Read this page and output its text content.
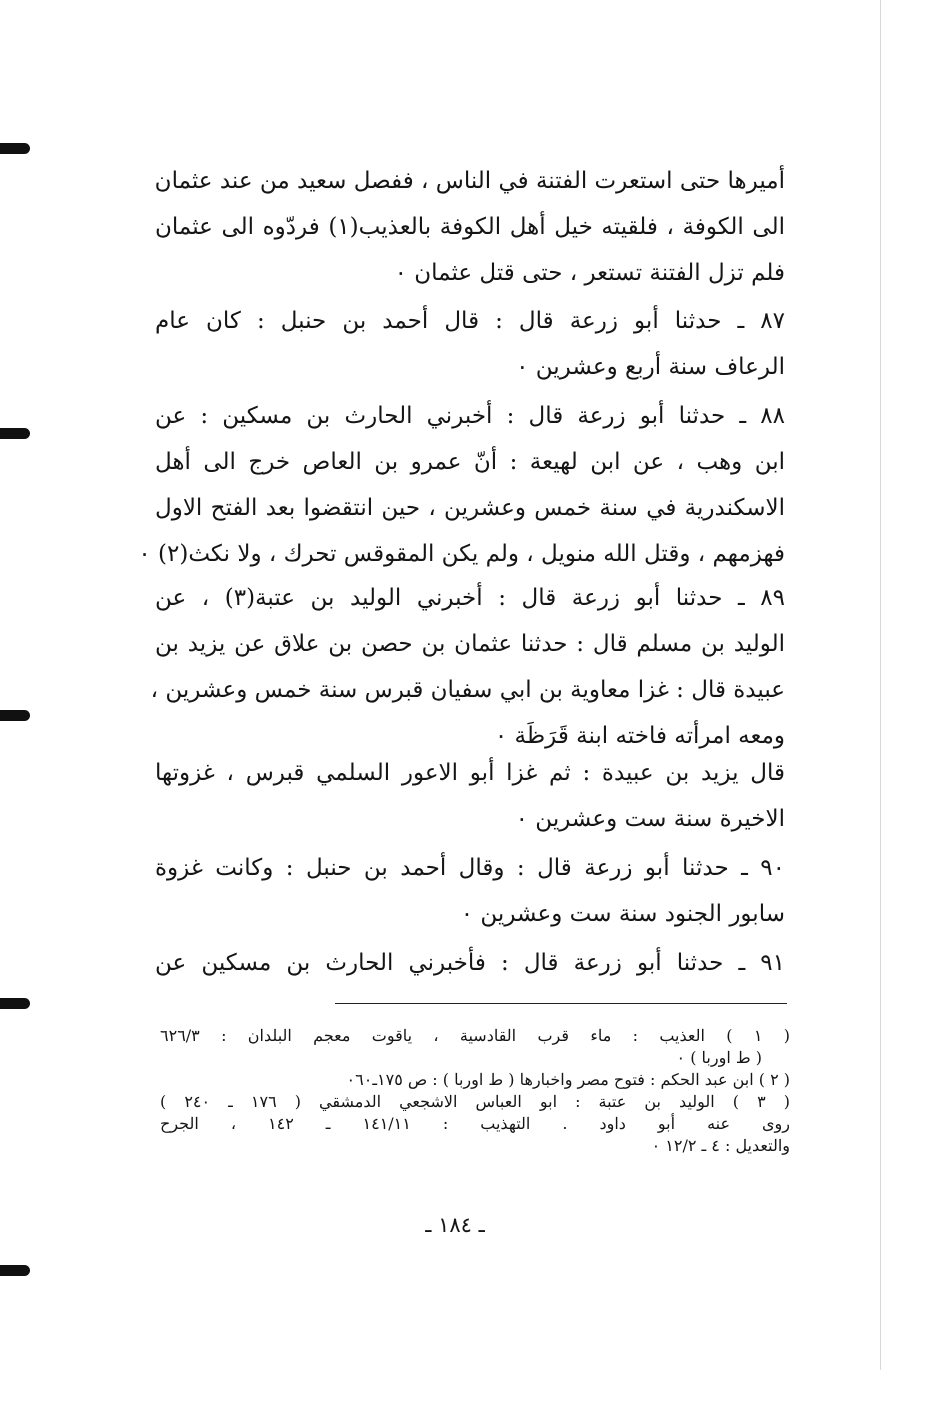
أميرها حتى استعرت الفتنة في الناس ، ففصل سعيد من عند عثمان
الى الكوفة ، فلقيته خيل أهل الكوفة بالعذيب(١) فردّوه الى عثمان
فلم تزل الفتنة تستعر ، حتى قتل عثمان ٠
٨٧ ـ حدثنا أبو زرعة قال : قال أحمد بن حنبل : كان عام
الرعاف سنة أربع وعشرين ٠
٨٨ ـ حدثنا أبو زرعة قال : أخبرني الحارث بن مسكين : عن
ابن وهب ، عن ابن لهيعة : أنّ عمرو بن العاص خرج الى أهل
الاسكندرية في سنة خمس وعشرين ، حين انتقضوا بعد الفتح الاول
فهزمهم ، وقتل الله منويل ، ولم يكن المقوقس تحرك ، ولا نكث(٢) ٠
٨٩ ـ حدثنا أبو زرعة قال : أخبرني الوليد بن عتبة(٣) ، عن
الوليد بن مسلم قال : حدثنا عثمان بن حصن بن علاق عن يزيد بن
عبيدة قال : غزا معاوية بن ابي سفيان قبرس سنة خمس وعشرين ،
ومعه امرأته فاخته ابنة قَرَظَة ٠
قال يزيد بن عبيدة : ثم غزا أبو الاعور السلمي قبرس ، غزوتها
الاخيرة سنة ست وعشرين ٠
٩٠ ـ حدثنا أبو زرعة قال : وقال أحمد بن حنبل : وكانت غزوة
سابور الجنود سنة ست وعشرين ٠
٩١ ـ حدثنا أبو زرعة قال : فأخبرني الحارث بن مسكين عن
( ١ ) العذيب : ماء قرب القادسية ، ياقوت معجم البلدان : ٦٢٦/٣
( ط اوربا ) ٠
( ٢ ) ابن عبد الحكم : فتوح مصر واخبارها ( ط اوربا ) : ص ١٧٥ـ٠٦٠
( ٣ ) الوليد بن عتبة : ابو العباس الاشجعي الدمشقي ( ١٧٦ ـ ٢٤٠ )
روى عنه أبو داود . التهذيب : ١٤١/١١ ـ ١٤٢ ، الجرح
والتعديل : ٤ ـ ١٢/٢ ٠
ـ ١٨٤ ـ
